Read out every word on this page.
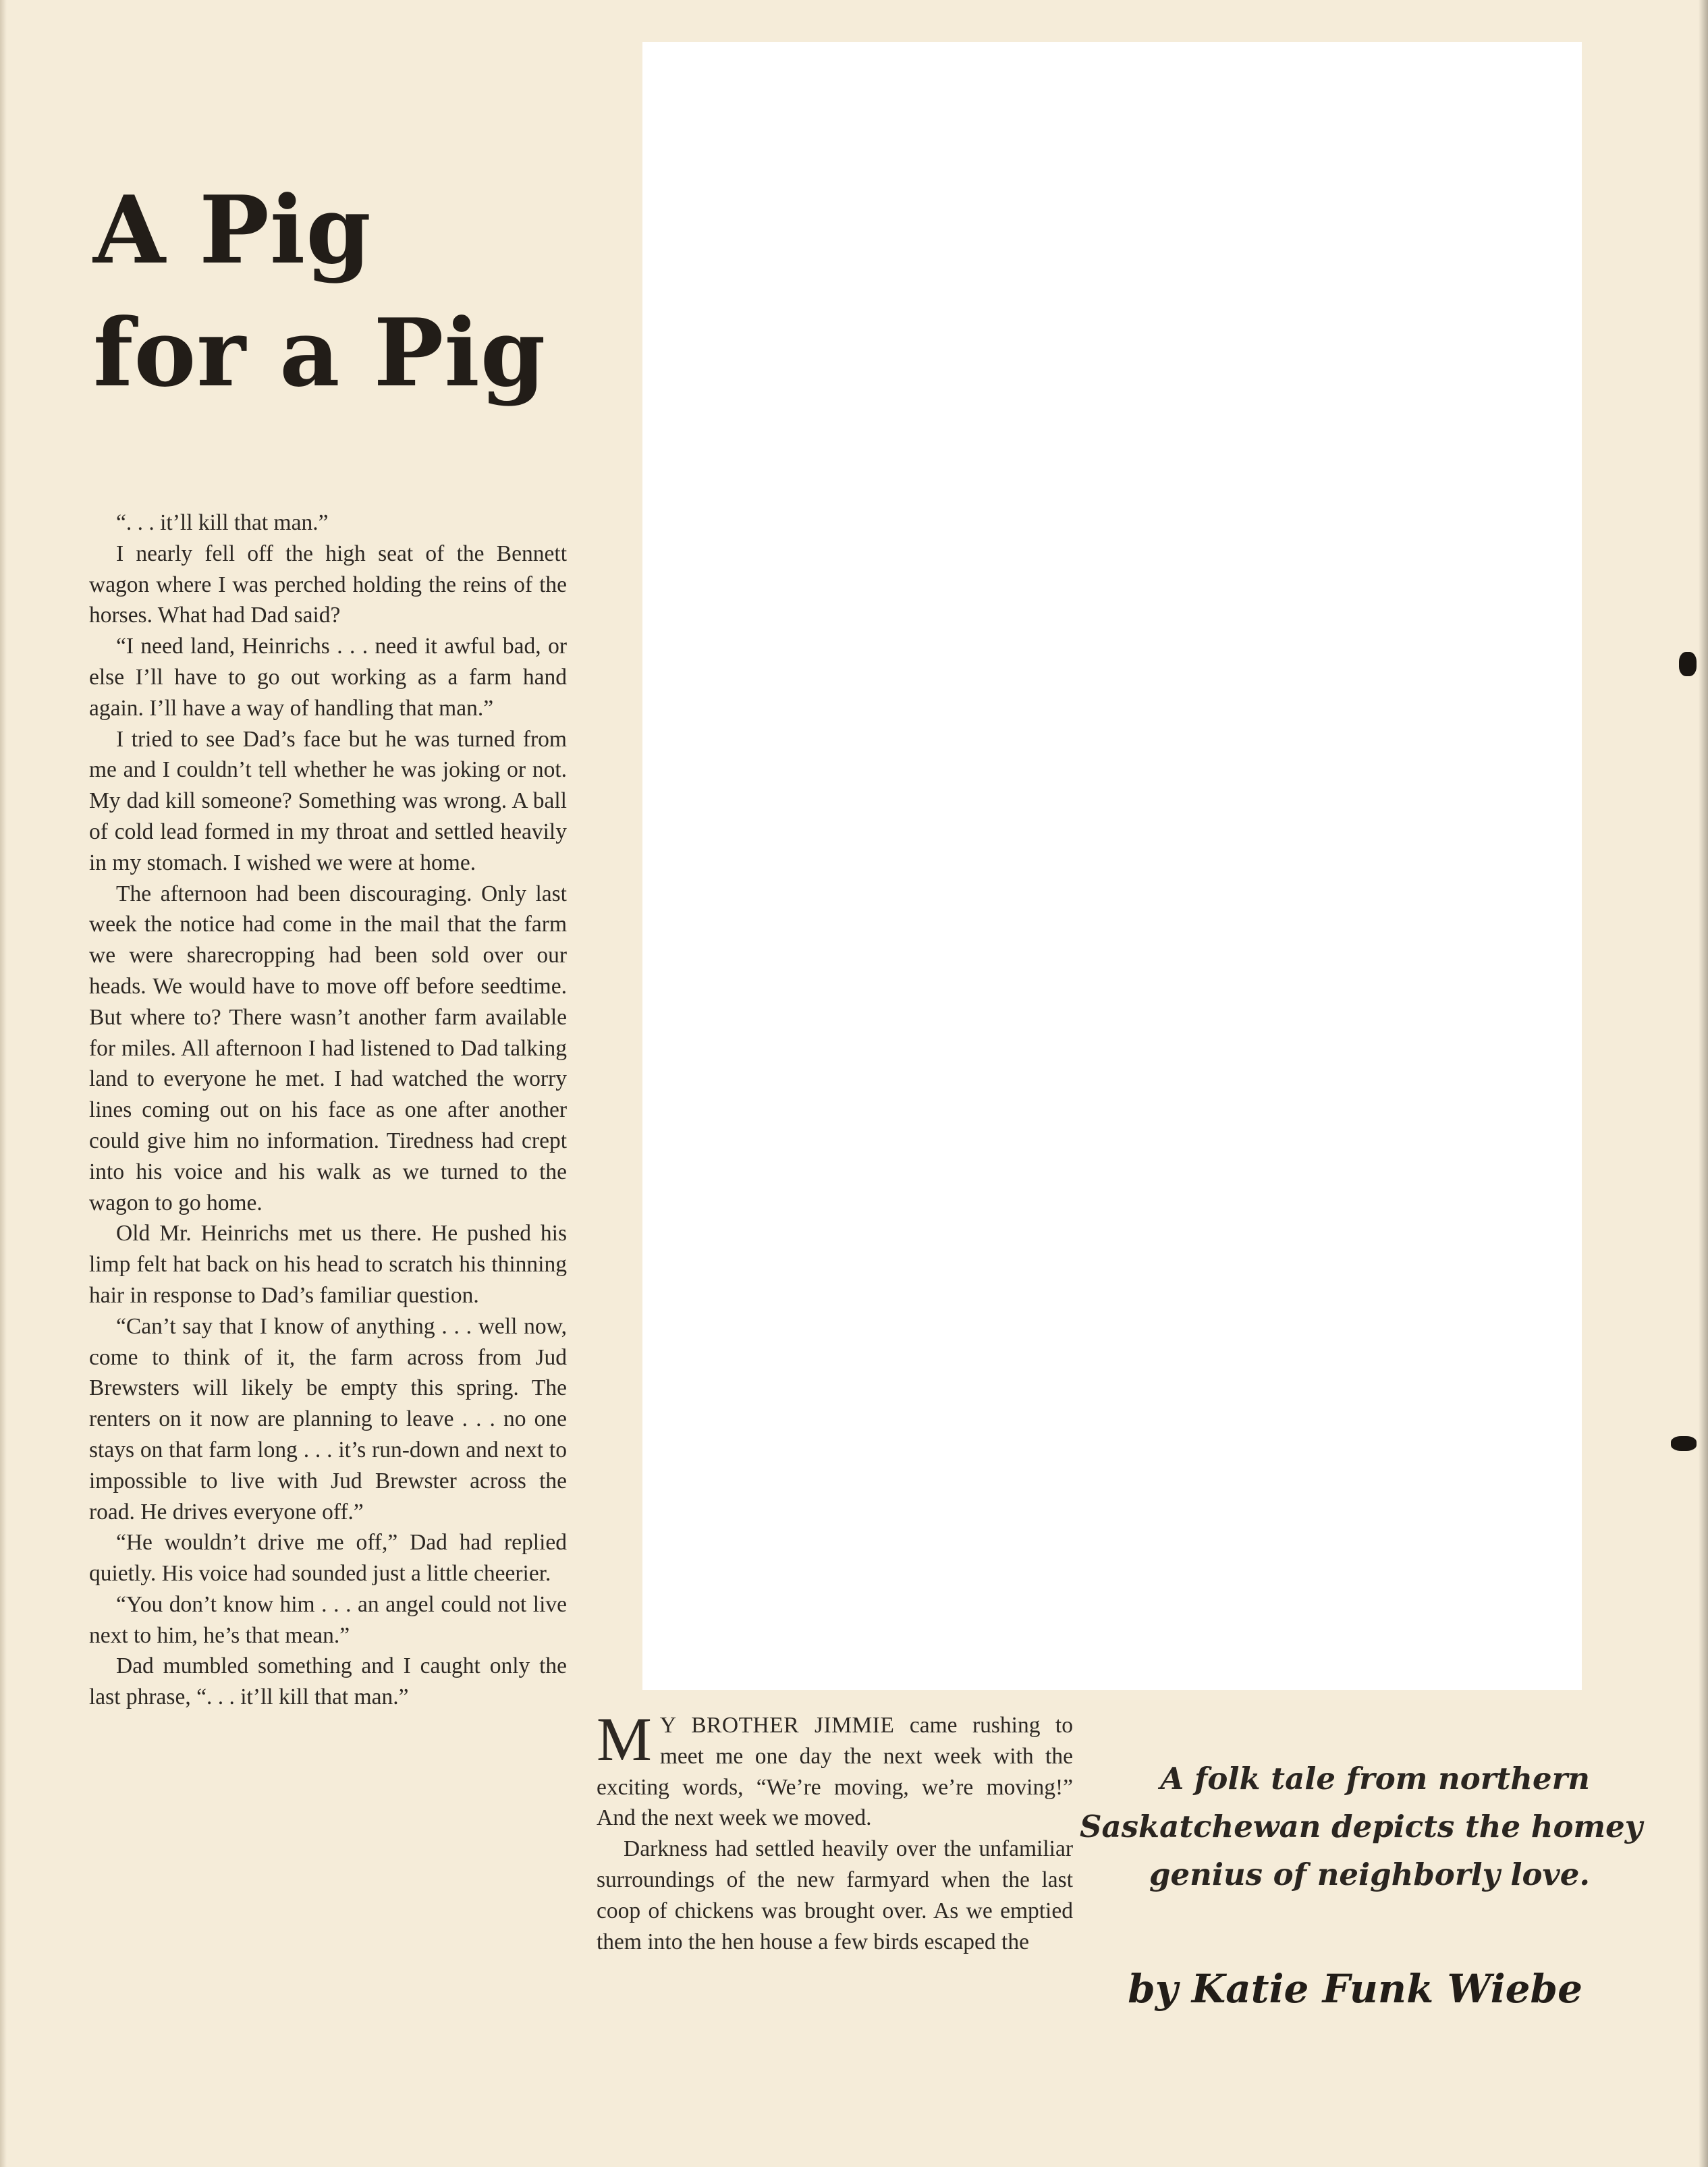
A Pig
for a Pig

“. . . it’ll kill that man.”

I nearly fell off the high seat of the Bennett wagon where I was perched holding the reins of the horses. What had Dad said?

“I need land, Heinrichs . . . need it awful bad, or else I’ll have to go out working as a farm hand again. I’ll have a way of handling that man.”

I tried to see Dad’s face but he was turned from me and I couldn’t tell whether he was joking or not. My dad kill someone? Something was wrong. A ball of cold lead formed in my throat and settled heavily in my stomach. I wished we were at home.

The afternoon had been discouraging. Only last week the notice had come in the mail that the farm we were sharecropping had been sold over our heads. We would have to move off before seedtime. But where to? There wasn’t another farm available for miles. All afternoon I had listened to Dad talking land to everyone he met. I had watched the worry lines coming out on his face as one after another could give him no information. Tiredness had crept into his voice and his walk as we turned to the wagon to go home.

Old Mr. Heinrichs met us there. He pushed his limp felt hat back on his head to scratch his thinning hair in response to Dad’s familiar question.

“Can’t say that I know of anything . . . well now, come to think of it, the farm across from Jud Brewsters will likely be empty this spring. The renters on it now are planning to leave . . . no one stays on that farm long . . . it’s run-down and next to impossible to live with Jud Brewster across the road. He drives everyone off.”

“He wouldn’t drive me off,” Dad had replied quietly. His voice had sounded just a little cheerier.

“You don’t know him . . . an angel could not live next to him, he’s that mean.”

Dad mumbled something and I caught only the last phrase, “. . . it’ll kill that man.”

M Y BROTHER JIMMIE came rushing to meet me one day the next week with the exciting words, “We’re moving, we’re moving!” And the next week we moved.

Darkness had settled heavily over the unfamiliar surroundings of the new farmyard when the last coop of chickens was brought over. As we emptied them into the hen house a few birds escaped the

A folk tale from northern
Saskatchewan depicts the homey
genius of neighborly love.
by Katie Funk Wiebe
